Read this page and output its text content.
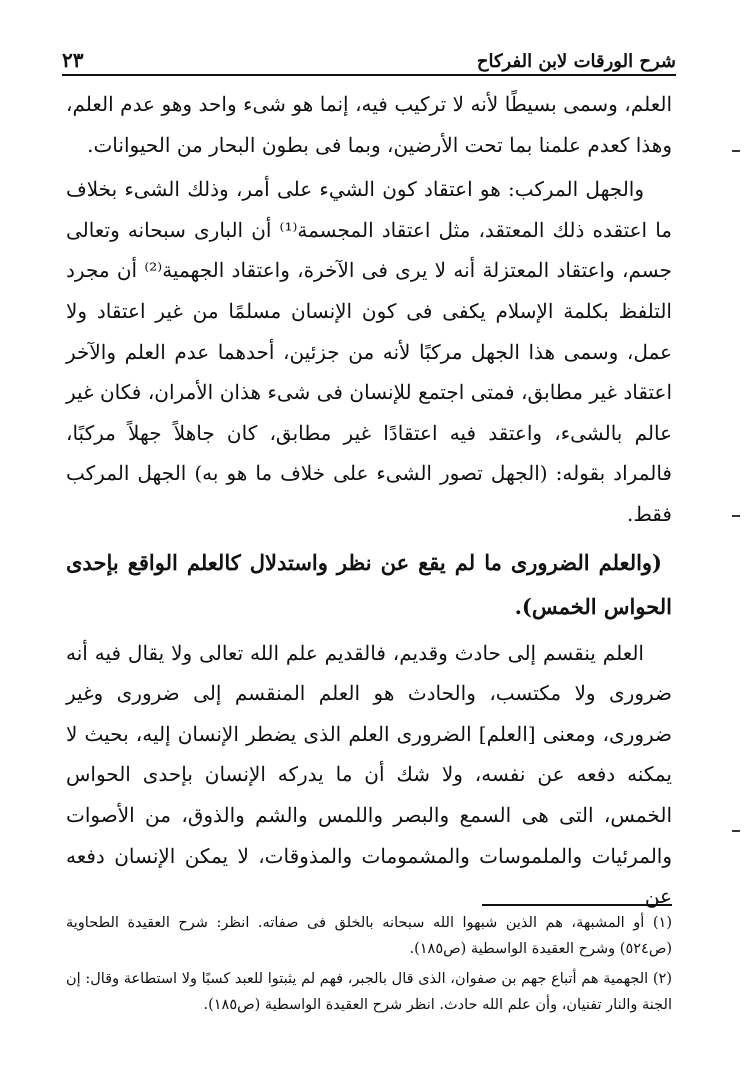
شرح الورقات لابن الفركاح
٢٣

العلم، وسمى بسيطًا لأنه لا تركيب فيه، إنما هو شىء واحد وهو عدم العلم، وهذا كعدم علمنا بما تحت الأرضين، وبما فى بطون البحار من الحيوانات.

والجهل المركب: هو اعتقاد كون الشيء على أمر، وذلك الشىء بخلاف ما اعتقده ذلك المعتقد، مثل اعتقاد المجسمة⁽¹⁾ أن البارى سبحانه وتعالى جسم، واعتقاد المعتزلة أنه لا يرى فى الآخرة، واعتقاد الجهمية⁽²⁾ أن مجرد التلفظ بكلمة الإسلام يكفى فى كون الإنسان مسلمًا من غير اعتقاد ولا عمل، وسمى هذا الجهل مركبًا لأنه من جزئين، أحدهما عدم العلم والآخر اعتقاد غير مطابق، فمتى اجتمع للإنسان فى شىء هذان الأمران، فكان غير عالم بالشىء، واعتقد فيه اعتقادًا غير مطابق، كان جاهلاً جهلاً مركبًا، فالمراد بقوله: (الجهل تصور الشىء على خلاف ما هو به) الجهل المركب فقط.

(والعلم الضرورى ما لم يقع عن نظر واستدلال كالعلم الواقع بإحدى الحواس الخمس).

العلم ينقسم إلى حادث وقديم، فالقديم علم الله تعالى ولا يقال فيه أنه ضرورى ولا مكتسب، والحادث هو العلم المنقسم إلى ضرورى وغير ضرورى، ومعنى [العلم] الضرورى العلم الذى يضطر الإنسان إليه، بحيث لا يمكنه دفعه عن نفسه، ولا شك أن ما يدركه الإنسان بإحدى الحواس الخمس، التى هى السمع والبصر واللمس والشم والذوق، من الأصوات والمرئيات والملموسات والمشمومات والمذوقات، لا يمكن الإنسان دفعه عن

(١) أو المشبهة، هم الذين شبهوا الله سبحانه بالخلق فى صفاته. انظر: شرح العقيدة الطحاوية (ص٥٢٤) وشرح العقيدة الواسطية (ص١٨٥).

(٢) الجهمية هم أتباع جهم بن صفوان، الذى قال بالجبر، فهم لم يثبتوا للعبد كسبًا ولا استطاعة وقال: إن الجنة والنار تفنيان، وأن علم الله حادث. انظر شرح العقيدة الواسطية (ص١٨٥).
